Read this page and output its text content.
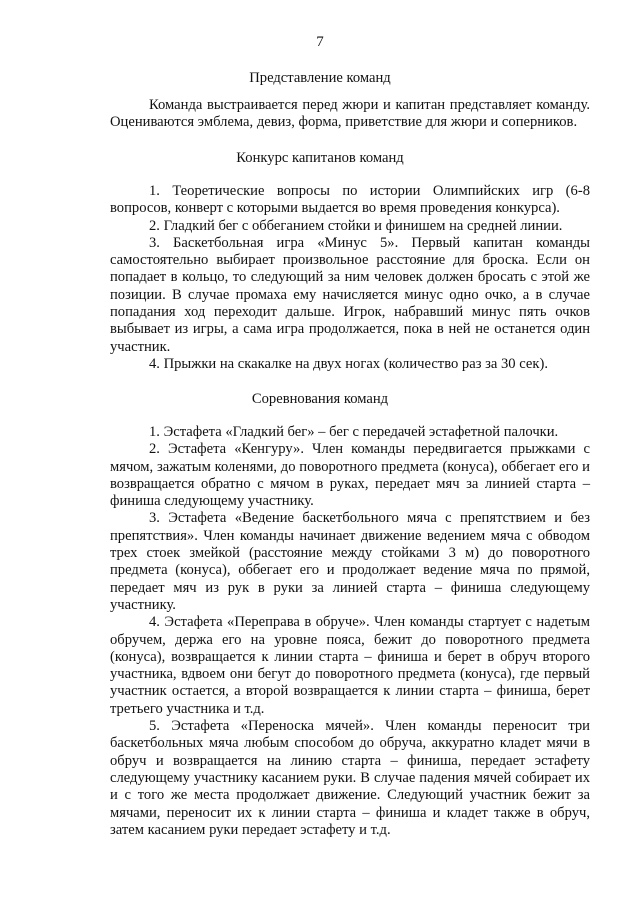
7
Представление команд

Команда выстраивается перед жюри и капитан представляет команду. Оцениваются эмблема, девиз, форма, приветствие для жюри и соперников.

Конкурс капитанов команд

1. Теоретические вопросы по истории Олимпийских игр (6-8 вопросов, конверт с которыми выдается во время проведения конкурса).

2. Гладкий бег с оббеганием стойки и финишем на средней линии.

3. Баскетбольная игра «Минус 5». Первый капитан команды самостоятельно выбирает произвольное расстояние для броска. Если он попадает в кольцо, то следующий за ним человек должен бросать с этой же позиции. В случае промаха ему начисляется минус одно очко, а в случае попадания ход переходит дальше. Игрок, набравший минус пять очков выбывает из игры, а сама игра продолжается, пока в ней не останется один участник.

4. Прыжки на скакалке на двух ногах (количество раз за 30 сек).

Соревнования команд

1. Эстафета «Гладкий бег» – бег с передачей эстафетной палочки.

2. Эстафета «Кенгуру». Член команды передвигается прыжками с мячом, зажатым коленями, до поворотного предмета (конуса), оббегает его и возвращается обратно с мячом в руках, передает мяч за линией старта – финиша следующему участнику.

3. Эстафета «Ведение баскетбольного мяча с препятствием и без препятствия». Член команды начинает движение ведением мяча с обводом трех стоек змейкой (расстояние между стойками 3 м) до поворотного предмета (конуса), оббегает его и продолжает ведение мяча по прямой, передает мяч из рук в руки за линией старта – финиша следующему участнику.

4. Эстафета «Переправа в обруче». Член команды стартует с надетым обручем, держа его на уровне пояса, бежит до поворотного предмета (конуса), возвращается к линии старта – финиша и берет в обруч второго участника, вдвоем они бегут до поворотного предмета (конуса), где первый участник остается, а второй возвращается к линии старта – финиша, берет третьего участника и т.д.

5. Эстафета «Переноска мячей». Член команды переносит три баскетбольных мяча любым способом до обруча, аккуратно кладет мячи в обруч и возвращается на линию старта – финиша, передает эстафету следующему участнику касанием руки. В случае падения мячей собирает их и с того же места продолжает движение. Следующий участник бежит за мячами, переносит их к линии старта – финиша и кладет также в обруч, затем касанием руки передает эстафету и т.д.
